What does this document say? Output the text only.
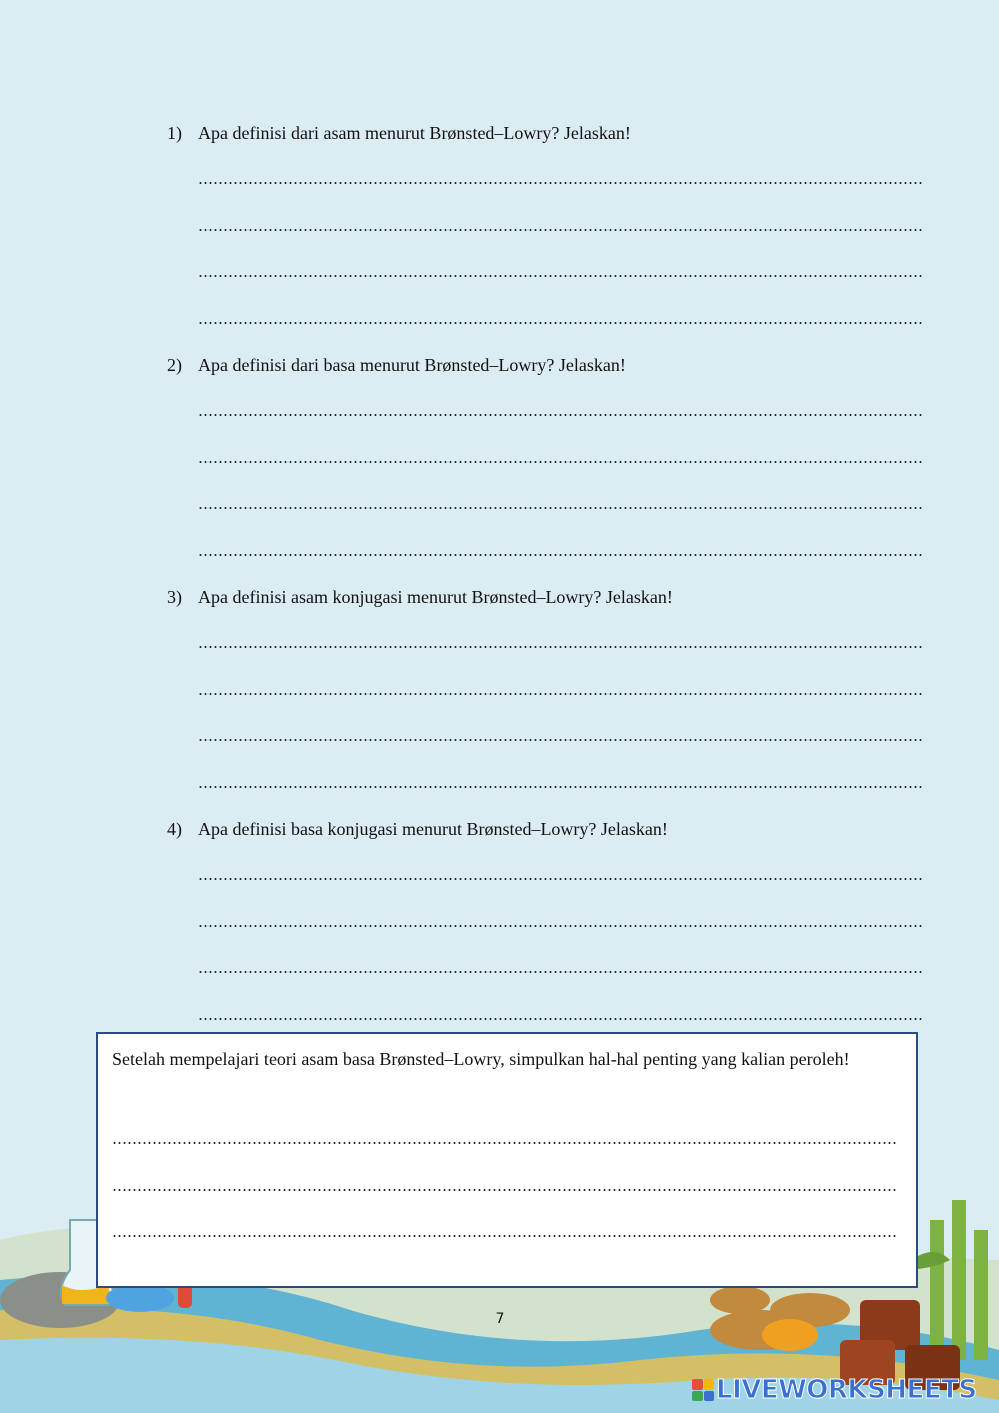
1) Apa definisi dari asam menurut Brønsted–Lowry? Jelaskan!
2) Apa definisi dari basa menurut Brønsted–Lowry? Jelaskan!
3) Apa definisi asam konjugasi menurut Brønsted–Lowry? Jelaskan!
4) Apa definisi basa konjugasi menurut Brønsted–Lowry? Jelaskan!
Setelah mempelajari teori asam basa Brønsted–Lowry, simpulkan hal-hal penting yang kalian peroleh!
7
LIVEWORKSHEETS
